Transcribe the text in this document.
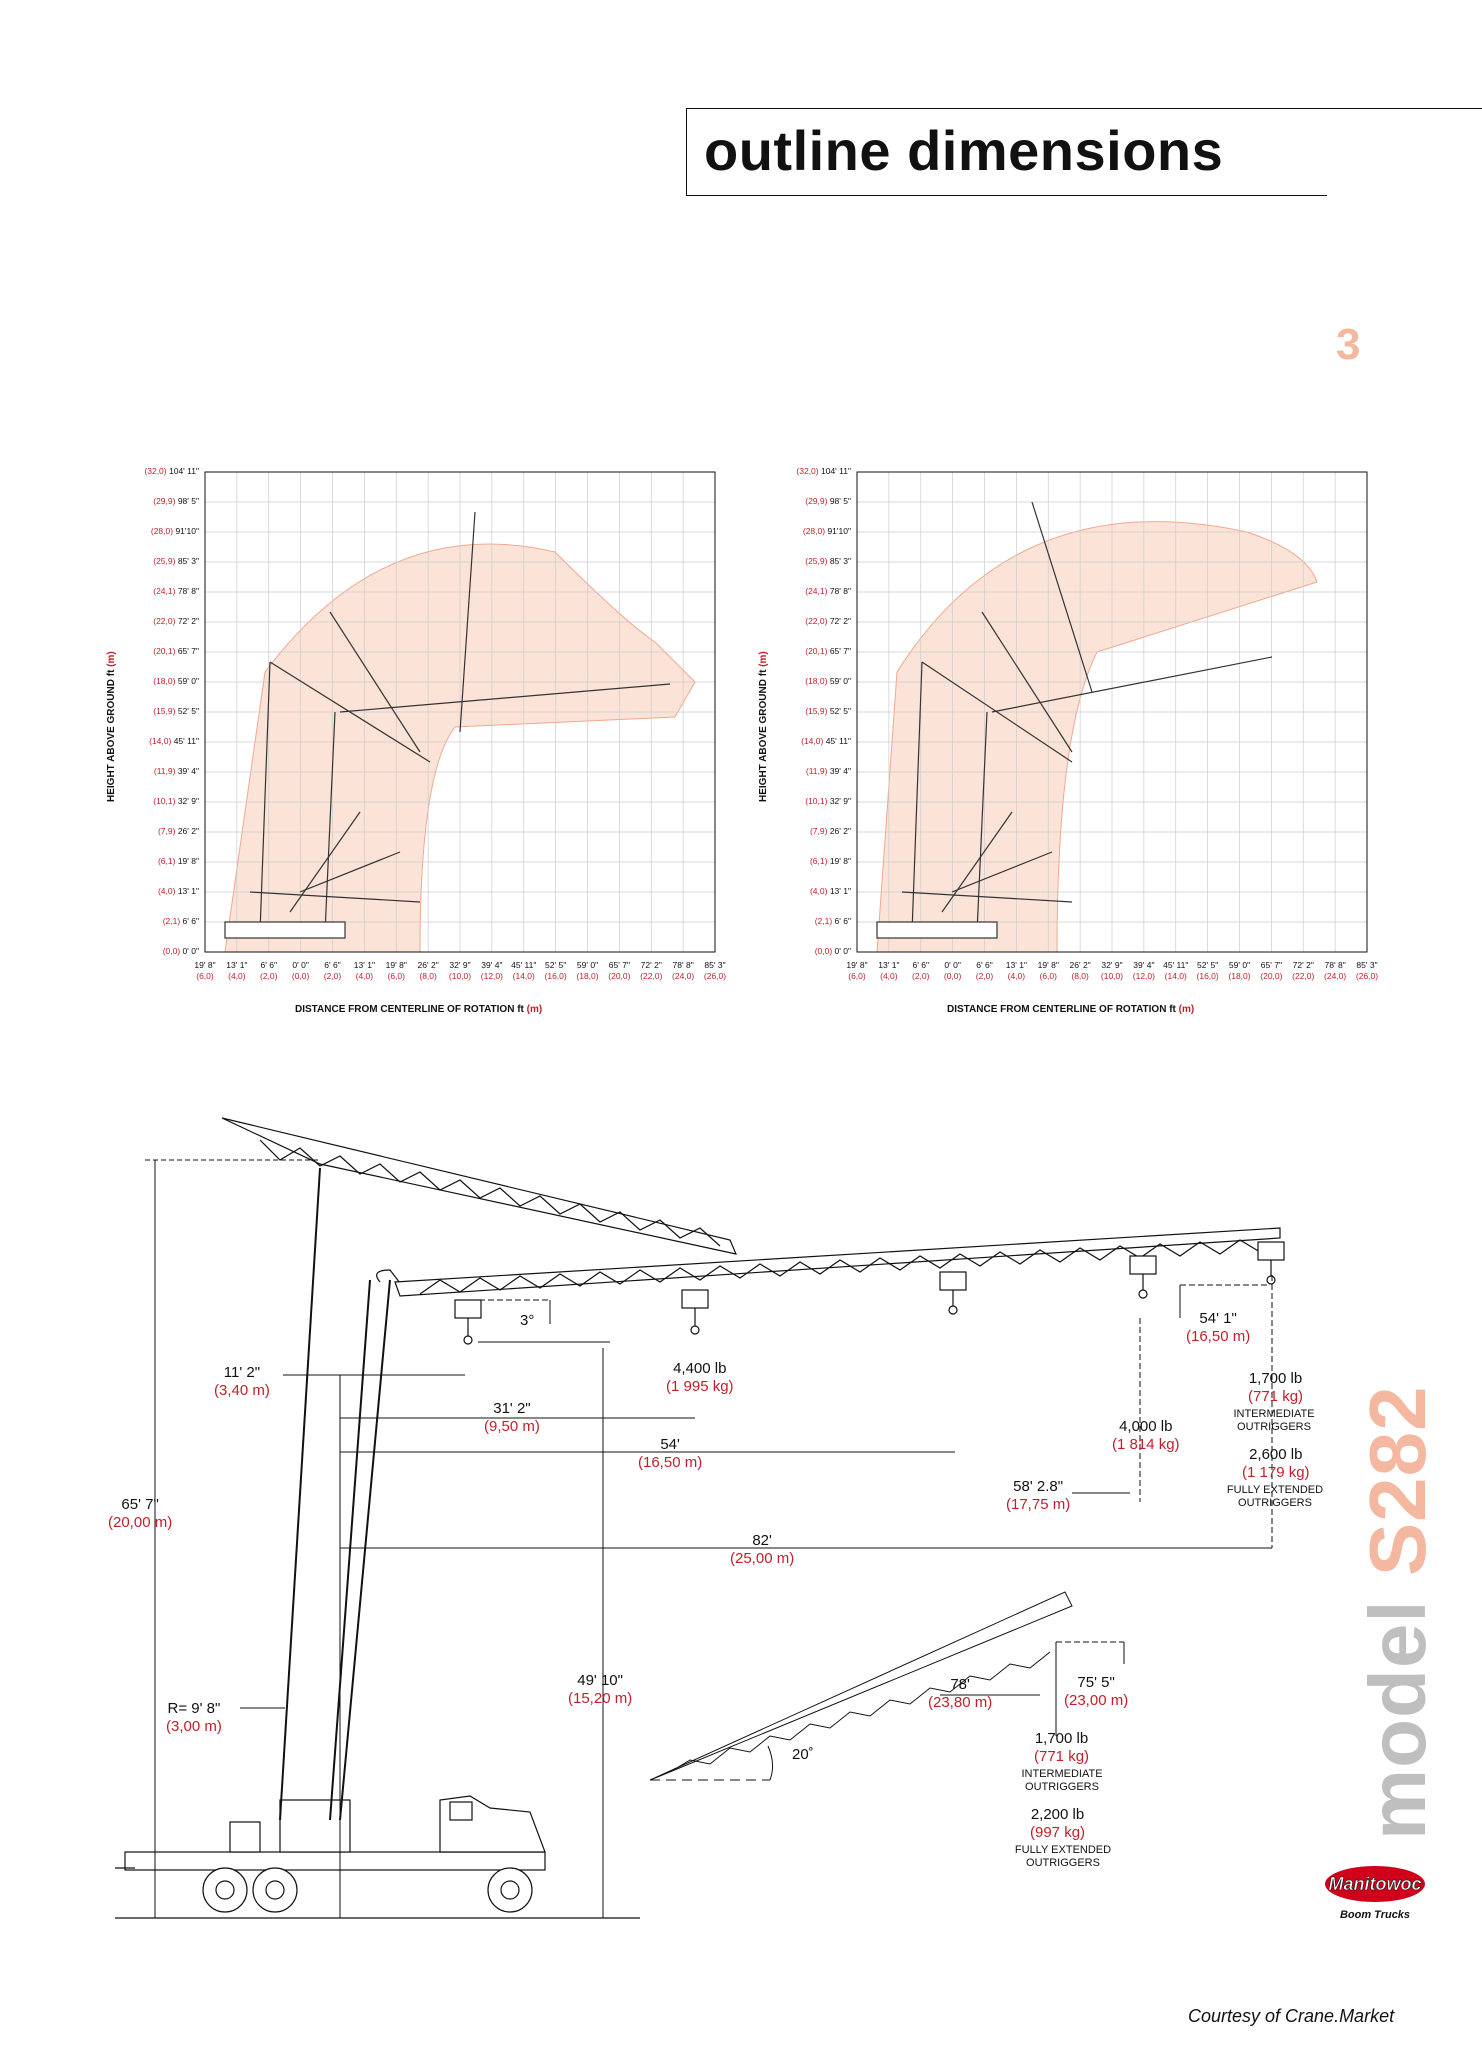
outline dimensions
3
(32,0) 104' 11"
(29,9) 98' 5"
(28,0) 91'10"
(25,9) 85' 3"
(24,1) 78' 8"
(22,0) 72' 2"
(20,1) 65' 7"
(18,0) 59' 0"
(15,9) 52' 5"
(14,0) 45' 11"
(11,9) 39' 4"
(10,1) 32' 9"
(7,9) 26' 2"
(6,1) 19' 8"
(4,0) 13' 1"
(2,1) 6' 6"
(0,0) 0' 0"
19' 8"
(6,0)
13' 1"
(4,0)
6' 6"
(2,0)
0' 0"
(0,0)
6' 6"
(2,0)
13' 1"
(4,0)
19' 8"
(6,0)
26' 2"
(8,0)
32' 9"
(10,0)
39' 4"
(12,0)
45' 11"
(14,0)
52' 5"
(16,0)
59' 0"
(18,0)
65' 7"
(20,0)
72' 2"
(22,0)
78' 8"
(24,0)
85' 3"
(26,0)
DISTANCE FROM CENTERLINE OF ROTATION ft (m)
HEIGHT ABOVE GROUND ft (m)
(32,0) 104' 11"
(29,9) 98' 5"
(28,0) 91'10"
(25,9) 85' 3"
(24,1) 78' 8"
(22,0) 72' 2"
(20,1) 65' 7"
(18,0) 59' 0"
(15,9) 52' 5"
(14,0) 45' 11"
(11,9) 39' 4"
(10,1) 32' 9"
(7,9) 26' 2"
(6,1) 19' 8"
(4,0) 13' 1"
(2,1) 6' 6"
(0,0) 0' 0"
19' 8"
(6,0)
13' 1"
(4,0)
6' 6"
(2,0)
0' 0"
(0,0)
6' 6"
(2,0)
13' 1"
(4,0)
19' 8"
(6,0)
26' 2"
(8,0)
32' 9"
(10,0)
39' 4"
(12,0)
45' 11"
(14,0)
52' 5"
(16,0)
59' 0"
(18,0)
65' 7"
(20,0)
72' 2"
(22,0)
78' 8"
(24,0)
85' 3"
(26,0)
DISTANCE FROM CENTERLINE OF ROTATION ft (m)
HEIGHT ABOVE GROUND ft (m)
65' 7"
(20,00 m)
3°
11' 2"
(3,40 m)
31' 2"
(9,50 m)
54'
(16,50 m)
82'
(25,00 m)
58' 2.8"
(17,75 m)
54' 1"
(16,50 m)
4,400 lb
(1 995 kg)
4,000 lb
(1 814 kg)
1,700 lb
(771 kg)
INTERMEDIATE OUTRIGGERS
2,600 lb
(1 179 kg)
FULLY EXTENDED OUTRIGGERS
49' 10"
(15,20 m)
R= 9' 8"
(3,00 m)
78'
(23,80 m)
75' 5"
(23,00 m)
20˚
1,700 lb
(771 kg)
INTERMEDIATE OUTRIGGERS
2,200 lb
(997 kg)
FULLY EXTENDED OUTRIGGERS
model S282
Manitowoc
Boom Trucks
Courtesy of Crane.Market
